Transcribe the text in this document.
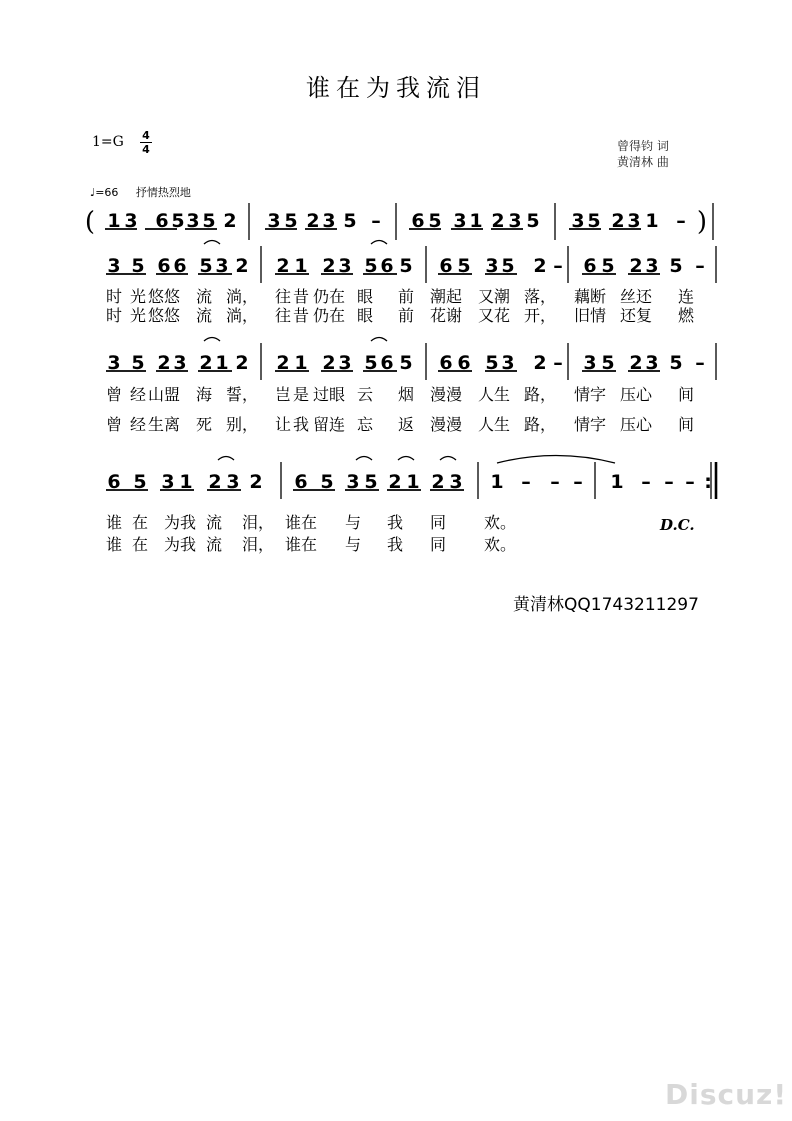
谁在为我流泪
1=G 4
4	曾得钧 词
黄清林 曲
♩=66 抒情热烈地
( 1 3 6 5 3 5 2 3 5 2 3 5 – 6 5 3 1 2 3 5 3 5 2 3 1 – )
3 5 6 6 5 3 2 2 1 2 3 5 6 5 6 5 3 5 2 – 6 5 2 3 5 –
3 5 2 3 2 1 2 2 1 2 3 5 6 5 6 6 5 3 2 – 3 5 2 3 5 –
6 5 3 1 2 3 2 6 5 3 5 2 1 2 3 1 – – – 1 – – – :
时 光 悠悠 流 淌， 往 昔 仍在 眼 前 潮起 又潮 落， 藕断 丝还 连
时 光 悠悠 流 淌， 往 昔 仍在 眼 前 花谢 又花 开， 旧情 还复 燃
曾 经 山盟 海 誓， 岂 是 过眼 云 烟 漫漫 人生 路， 情字 压心 间
曾 经 生离 死 别， 让 我 留连 忘 返 漫漫 人生 路， 情字 压心 间
谁 在 为我 流 泪， 谁在 与 我 同 欢。
谁 在 为我 流 泪， 谁在 与 我 同 欢。
D.C.
黄清林QQ1743211297
Discuz!
